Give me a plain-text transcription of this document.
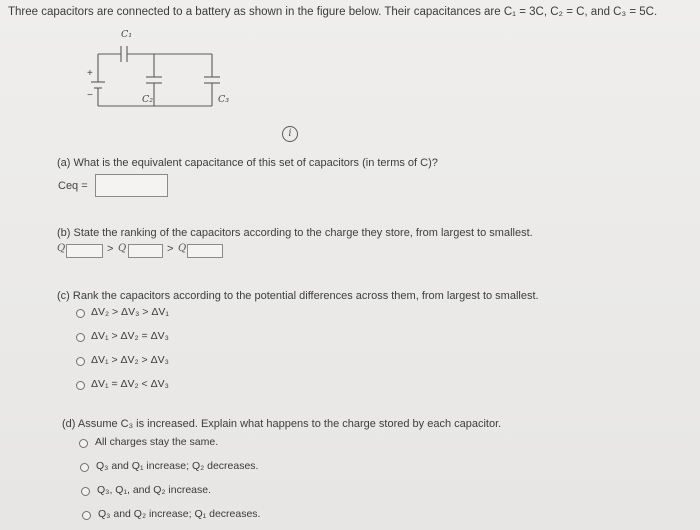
Three capacitors are connected to a battery as shown in the figure below. Their capacitances are C₁ = 3C, C₂ = C, and C₃ = 5C.
C₁
C₂	C₃
+
−
i
(a) What is the equivalent capacitance of this set of capacitors (in terms of C)?
Ceq =
(b) State the ranking of the capacitors according to the charge they store, from largest to smallest.
Q	> Q	> Q
(c) Rank the capacitors according to the potential differences across them, from largest to smallest.
ΔV₂ > ΔV₃ > ΔV₁
ΔV₁ > ΔV₂ = ΔV₃
ΔV₁ > ΔV₂ > ΔV₃
ΔV₁ = ΔV₂ < ΔV₃
(d) Assume C₃ is increased. Explain what happens to the charge stored by each capacitor.
All charges stay the same.
Q₃ and Q₁ increase; Q₂ decreases.
Q₃, Q₁, and Q₂ increase.
Q₃ and Q₂ increase; Q₁ decreases.
